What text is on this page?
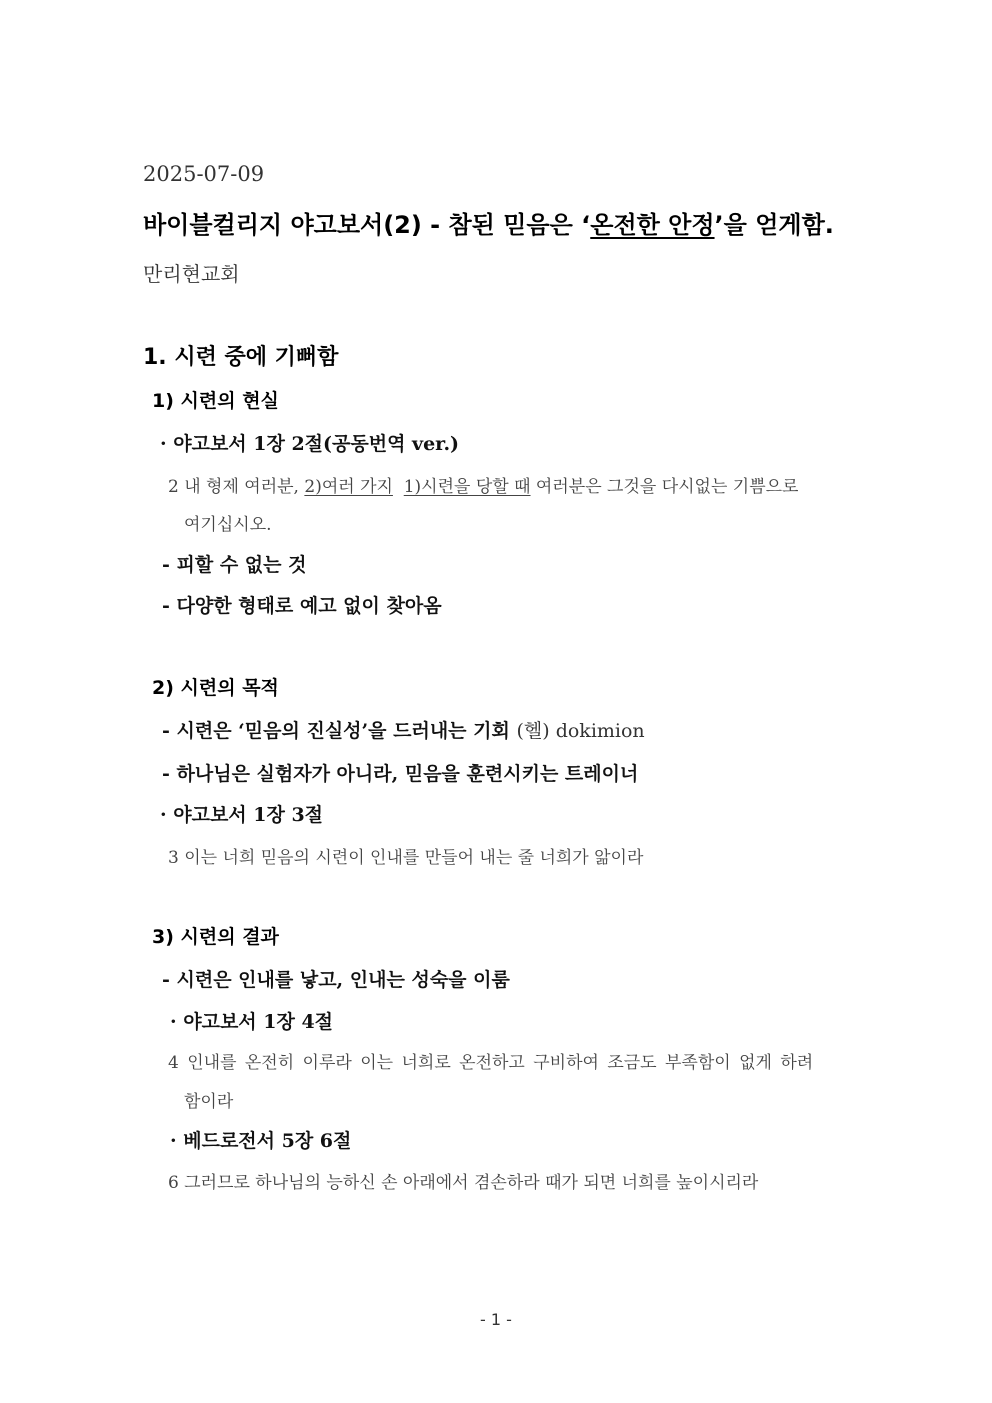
2025-07-09
바이블컬리지 야고보서(2) - 참된 믿음은 ‘온전한 안정’을 얻게함.
만리현교회
1. 시련 중에 기뻐함
1) 시련의 현실
· 야고보서 1장 2절(공동번역 ver.)
2 내 형제 여러분, 2)여러 가지 1)시련을 당할 때 여러분은 그것을 다시없는 기쁨으로
여기십시오.
- 피할 수 없는 것
- 다양한 형태로 예고 없이 찾아옴
2) 시련의 목적
- 시련은 ‘믿음의 진실성’을 드러내는 기회 (헬) dokimion
- 하나님은 실험자가 아니라, 믿음을 훈련시키는 트레이너
· 야고보서 1장 3절
3 이는 너희 믿음의 시련이 인내를 만들어 내는 줄 너희가 앎이라
3) 시련의 결과
- 시련은 인내를 낳고, 인내는 성숙을 이룸
· 야고보서 1장 4절
4 인내를 온전히 이루라 이는 너희로 온전하고 구비하여 조금도 부족함이 없게 하려
함이라
· 베드로전서 5장 6절
6 그러므로 하나님의 능하신 손 아래에서 겸손하라 때가 되면 너희를 높이시리라
- 1 -
